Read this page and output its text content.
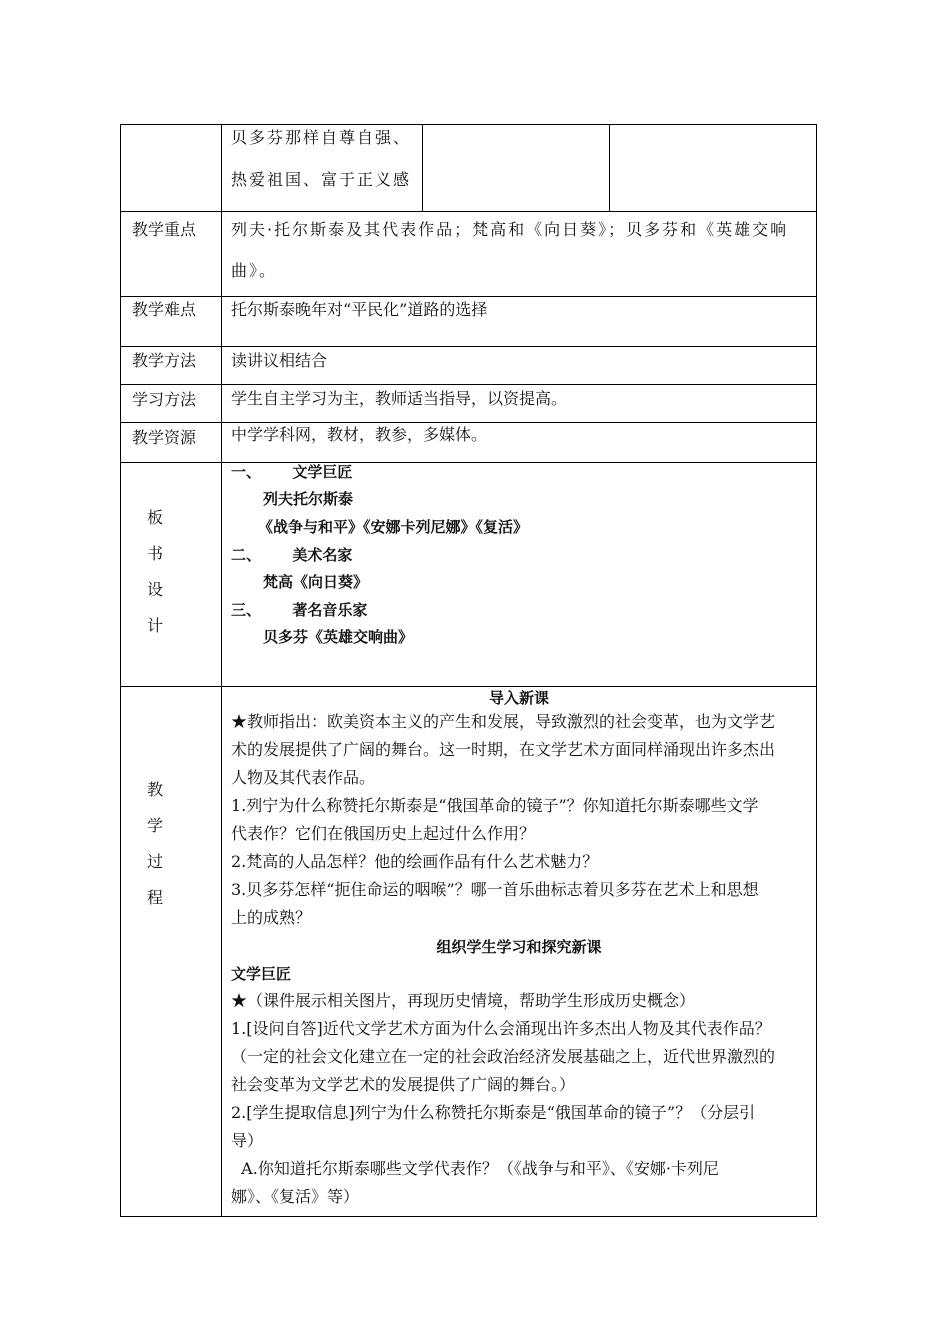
贝多芬那样自尊自强、
热爱祖国、富于正义感
教学重点 列夫·托尔斯泰及其代表作品；梵高和《向日葵》；贝多芬和《英雄交响
曲》。
教学难点 托尔斯泰晚年对“平民化”道路的选择
教学方法 读讲议相结合
学习方法 学生自主学习为主，教师适当指导，以资提高。
教学资源 中学学科网，教材，教参，多媒体。
板
书
设
计
一、      文学巨匠
列夫托尔斯泰
《战争与和平》《安娜卡列尼娜》《复活》
二、      美术名家
梵高《向日葵》
三、      著名音乐家
贝多芬《英雄交响曲》
教
学
过
程
导入新课
★教师指出：欧美资本主义的产生和发展，导致激烈的社会变革，也为文学艺
术的发展提供了广阔的舞台。这一时期，在文学艺术方面同样涌现出许多杰出
人物及其代表作品。
1.列宁为什么称赞托尔斯泰是“俄国革命的镜子”？你知道托尔斯泰哪些文学
代表作？它们在俄国历史上起过什么作用？
2.梵高的人品怎样？他的绘画作品有什么艺术魅力？
3.贝多芬怎样“扼住命运的咽喉”？哪一首乐曲标志着贝多芬在艺术上和思想
上的成熟？
组织学生学习和探究新课
文学巨匠
★（课件展示相关图片，再现历史情境，帮助学生形成历史概念）
1.[设问自答]近代文学艺术方面为什么会涌现出许多杰出人物及其代表作品？
（一定的社会文化建立在一定的社会政治经济发展基础之上，近代世界激烈的
社会变革为文学艺术的发展提供了广阔的舞台。）
2.[学生提取信息]列宁为什么称赞托尔斯泰是“俄国革命的镜子”？（分层引
导）
A.你知道托尔斯泰哪些文学代表作？（《战争与和平》、《安娜·卡列尼
娜》、《复活》等）
